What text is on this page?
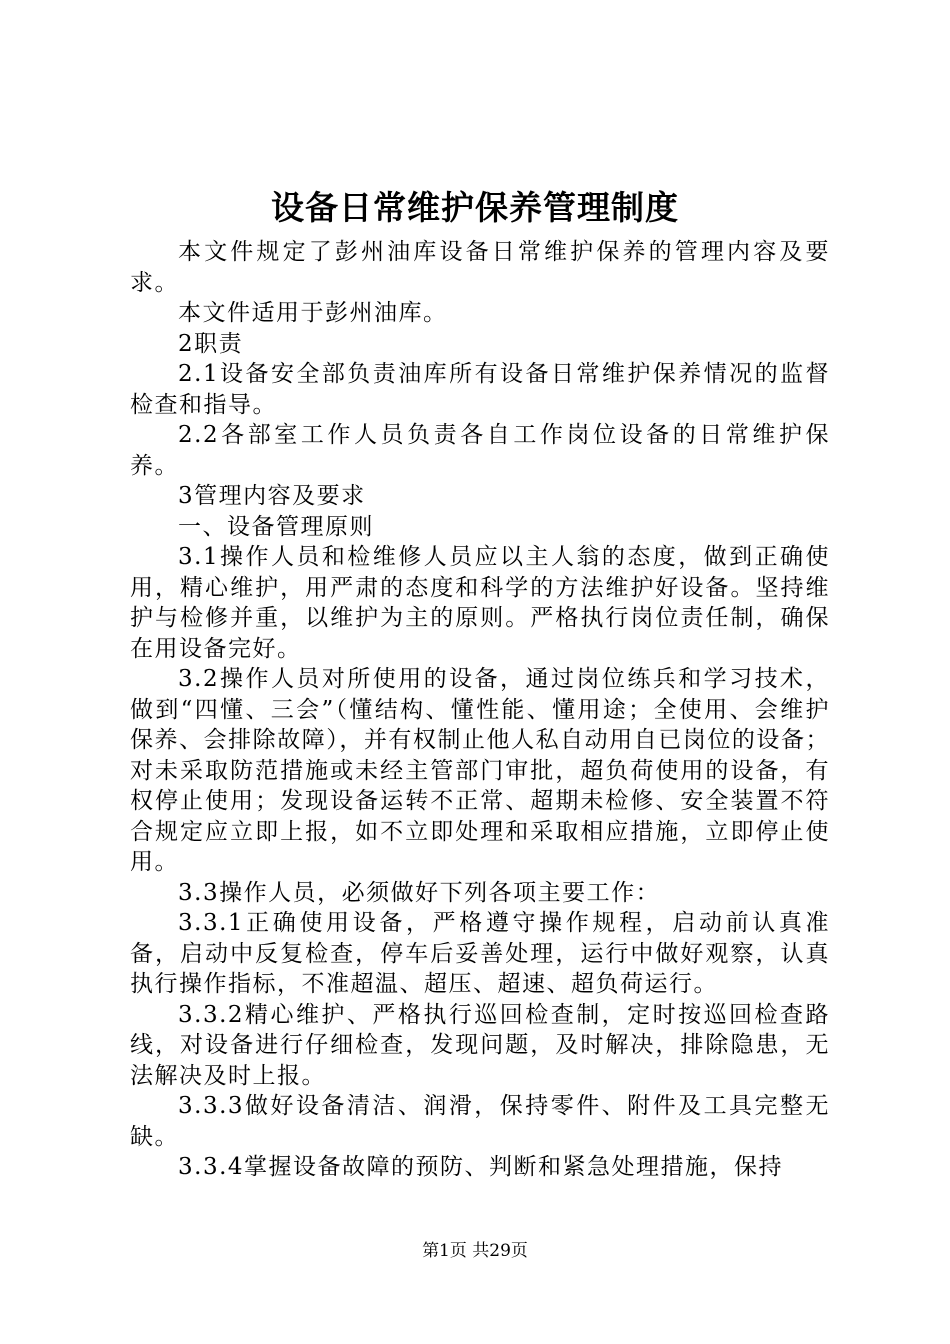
设备日常维护保养管理制度

本文件规定了彭州油库设备日常维护保养的管理内容及要求。

本文件适用于彭州油库。

2职责

2.1设备安全部负责油库所有设备日常维护保养情况的监督检查和指导。

2.2各部室工作人员负责各自工作岗位设备的日常维护保养。

3管理内容及要求

一、设备管理原则

3.1操作人员和检维修人员应以主人翁的态度，做到正确使用，精心维护，用严肃的态度和科学的方法维护好设备。坚持维护与检修并重，以维护为主的原则。严格执行岗位责任制，确保在用设备完好。

3.2操作人员对所使用的设备，通过岗位练兵和学习技术，做到“四懂、三会”（懂结构、懂性能、懂用途；全使用、会维护保养、会排除故障），并有权制止他人私自动用自已岗位的设备；对未采取防范措施或未经主管部门审批，超负荷使用的设备，有权停止使用；发现设备运转不正常、超期未检修、安全装置不符合规定应立即上报，如不立即处理和采取相应措施，立即停止使用。

3.3操作人员，必须做好下列各项主要工作：

3.3.1正确使用设备，严格遵守操作规程，启动前认真准备，启动中反复检查，停车后妥善处理，运行中做好观察，认真执行操作指标，不准超温、超压、超速、超负荷运行。

3.3.2精心维护、严格执行巡回检查制，定时按巡回检查路线，对设备进行仔细检查，发现问题，及时解决，排除隐患，无法解决及时上报。

3.3.3做好设备清洁、润滑，保持零件、附件及工具完整无缺。

3.3.4掌握设备故障的预防、判断和紧急处理措施，保持

第1页 共29页
